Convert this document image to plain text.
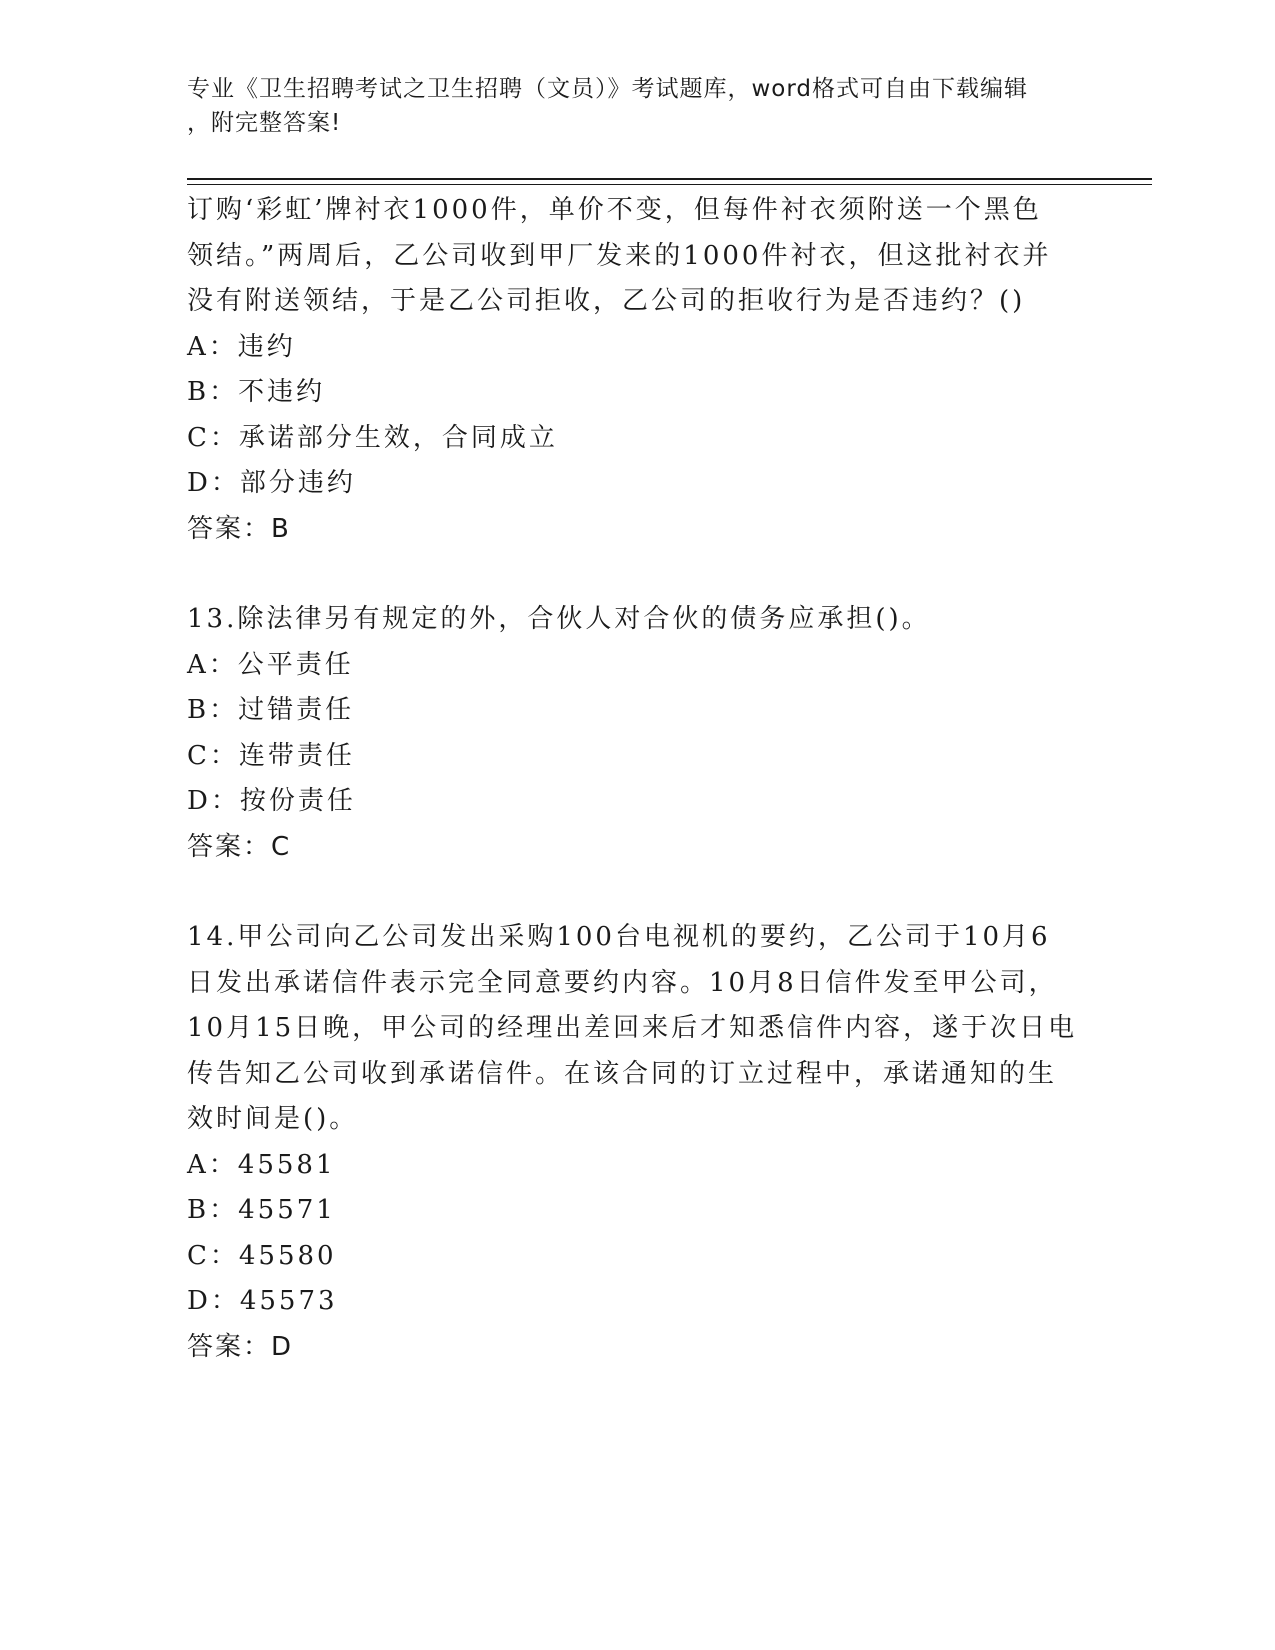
专业《卫生招聘考试之卫生招聘（文员）》考试题库，word格式可自由下载编辑
，附完整答案!
订购‘彩虹’牌衬衣1000件，单价不变，但每件衬衣须附送一个黑色
领结。”两周后，乙公司收到甲厂发来的1000件衬衣，但这批衬衣并
没有附送领结，于是乙公司拒收，乙公司的拒收行为是否违约？()
A：违约
B：不违约
C：承诺部分生效，合同成立
D：部分违约
答案：B
13.除法律另有规定的外，合伙人对合伙的债务应承担()。
A：公平责任
B：过错责任
C：连带责任
D：按份责任
答案：C
14.甲公司向乙公司发出采购100台电视机的要约，乙公司于10月6
日发出承诺信件表示完全同意要约内容。10月8日信件发至甲公司，
10月15日晚，甲公司的经理出差回来后才知悉信件内容，遂于次日电
传告知乙公司收到承诺信件。在该合同的订立过程中，承诺通知的生
效时间是()。
A：45581
B：45571
C：45580
D：45573
答案：D
